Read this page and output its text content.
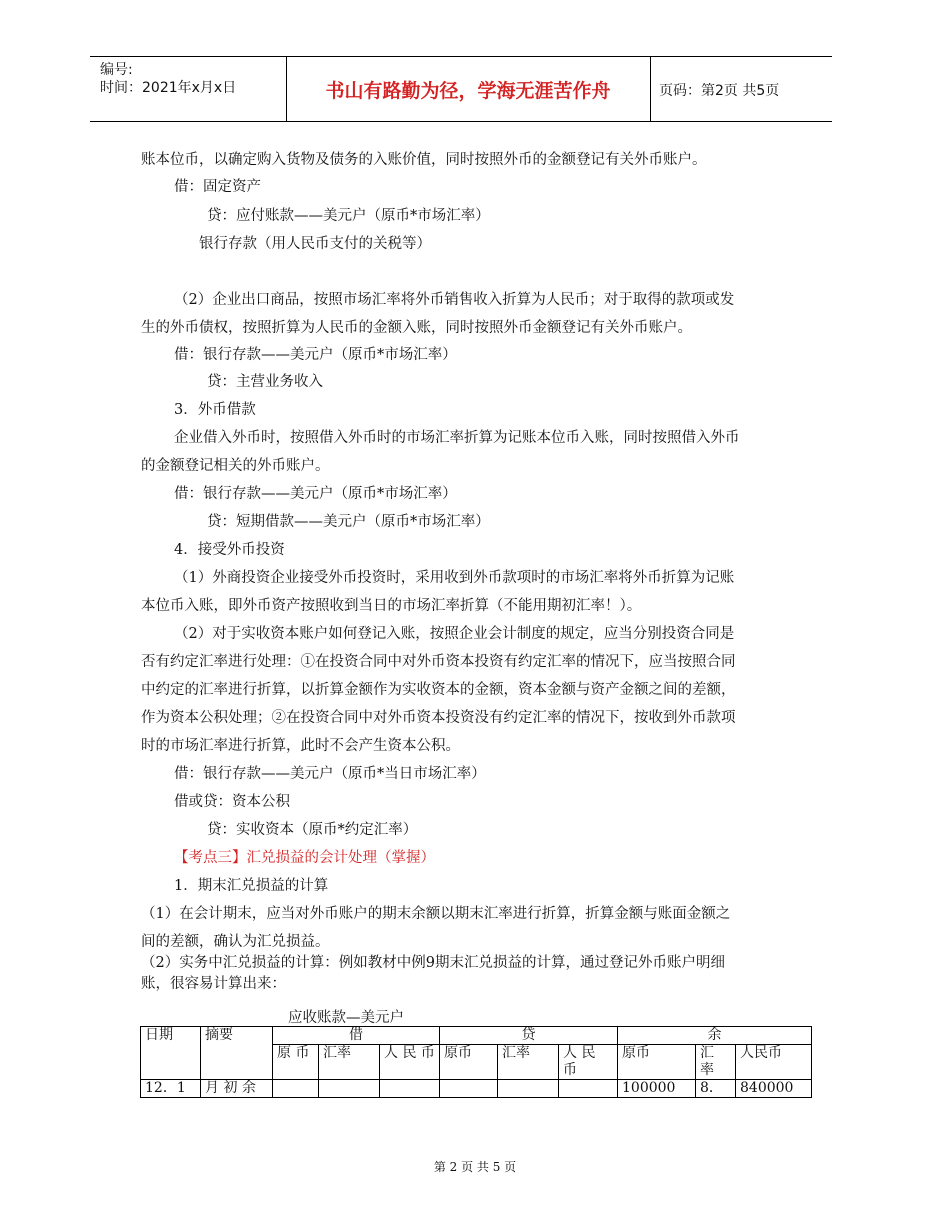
编号:
时间：2021年x月x日	书山有路勤为径，学海无涯苦作舟	页码：第2页 共5页
账本位币，以确定购入货物及债务的入账价值，同时按照外币的金额登记有关外币账户。
借：固定资产
贷：应付账款——美元户（原币*市场汇率）
银行存款（用人民币支付的关税等）
（2）企业出口商品，按照市场汇率将外币销售收入折算为人民币；对于取得的款项或发
生的外币债权，按照折算为人民币的金额入账，同时按照外币金额登记有关外币账户。
借：银行存款——美元户（原币*市场汇率）
贷：主营业务收入
3．外币借款
企业借入外币时，按照借入外币时的市场汇率折算为记账本位币入账，同时按照借入外币
的金额登记相关的外币账户。
借：银行存款——美元户（原币*市场汇率）
贷：短期借款——美元户（原币*市场汇率）
4．接受外币投资
（1）外商投资企业接受外币投资时，采用收到外币款项时的市场汇率将外币折算为记账
本位币入账，即外币资产按照收到当日的市场汇率折算（不能用期初汇率！）。
（2）对于实收资本账户如何登记入账，按照企业会计制度的规定，应当分别投资合同是
否有约定汇率进行处理：①在投资合同中对外币资本投资有约定汇率的情况下，应当按照合同
中约定的汇率进行折算，以折算金额作为实收资本的金额，资本金额与资产金额之间的差额，
作为资本公积处理；②在投资合同中对外币资本投资没有约定汇率的情况下，按收到外币款项
时的市场汇率进行折算，此时不会产生资本公积。
借：银行存款——美元户（原币*当日市场汇率）
借或贷：资本公积
贷：实收资本（原币*约定汇率）
【考点三】汇兑损益的会计处理（掌握）
1．期末汇兑损益的计算
（1）在会计期末，应当对外币账户的期末余额以期末汇率进行折算，折算金额与账面金额之
间的差额，确认为汇兑损益。
（2）实务中汇兑损益的计算：例如教材中例9期末汇兑损益的计算，通过登记外币账户明细
账，很容易计算出来：
应收账款—美元户
日期	摘要	借			贷			余		
		原 币	汇率	人 民 币	原币	汇率	人 民 币	原币	汇 率	人民币
12．1	月 初 余							100000	8．	840000
第 2 页 共 5 页
